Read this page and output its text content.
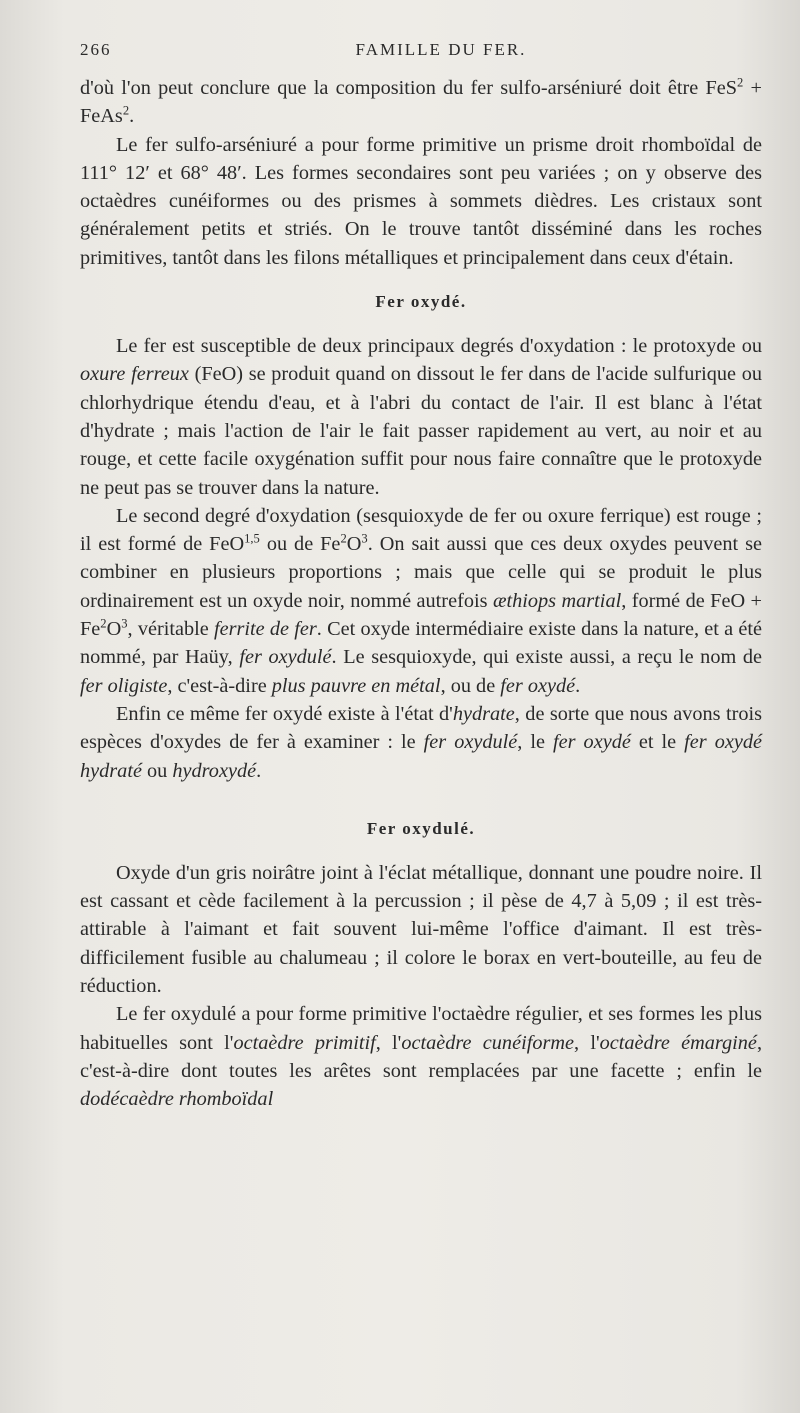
266	FAMILLE DU FER.

d'où l'on peut conclure que la composition du fer sulfo-arséniuré doit être FeS$^2$ + FeAs$^2$.

Le fer sulfo-arséniuré a pour forme primitive un prisme droit rhomboïdal de 111° 12′ et 68° 48′. Les formes secondaires sont peu variées ; on y observe des octaèdres cunéiformes ou des prismes à sommets dièdres. Les cristaux sont généralement petits et striés. On le trouve tantôt disséminé dans les roches primitives, tantôt dans les filons métalliques et principalement dans ceux d'étain.

Fer oxydé.

Le fer est susceptible de deux principaux degrés d'oxydation : le protoxyde ou oxure ferreux (FeO) se produit quand on dissout le fer dans de l'acide sulfurique ou chlorhydrique étendu d'eau, et à l'abri du contact de l'air. Il est blanc à l'état d'hydrate ; mais l'action de l'air le fait passer rapidement au vert, au noir et au rouge, et cette facile oxygénation suffit pour nous faire connaître que le protoxyde ne peut pas se trouver dans la nature.

Le second degré d'oxydation (sesquioxyde de fer ou oxure ferrique) est rouge ; il est formé de FeO$^{1,5}$ ou de $Fe^2O^3$. On sait aussi que ces deux oxydes peuvent se combiner en plusieurs proportions ; mais que celle qui se produit le plus ordinairement est un oxyde noir, nommé autrefois æthiops martial, formé de FeO + $Fe^2O^3$, véritable ferrite de fer. Cet oxyde intermédiaire existe dans la nature, et a été nommé, par Haüy, fer oxydulé. Le sesquioxyde, qui existe aussi, a reçu le nom de fer oligiste, c'est-à-dire plus pauvre en métal, ou de fer oxydé.

Enfin ce même fer oxydé existe à l'état d'hydrate, de sorte que nous avons trois espèces d'oxydes de fer à examiner : le fer oxydulé, le fer oxydé et le fer oxydé hydraté ou hydroxydé.

Fer oxydulé.

Oxyde d'un gris noirâtre joint à l'éclat métallique, donnant une poudre noire. Il est cassant et cède facilement à la percussion ; il pèse de 4,7 à 5,09 ; il est très-attirable à l'aimant et fait souvent lui-même l'office d'aimant. Il est très-difficilement fusible au chalumeau ; il colore le borax en vert-bouteille, au feu de réduction.

Le fer oxydulé a pour forme primitive l'octaèdre régulier, et ses formes les plus habituelles sont l'octaèdre primitif, l'octaèdre cunéiforme, l'octaèdre émarginé, c'est-à-dire dont toutes les arêtes sont remplacées par une facette ; enfin le dodécaèdre rhomboïdal
